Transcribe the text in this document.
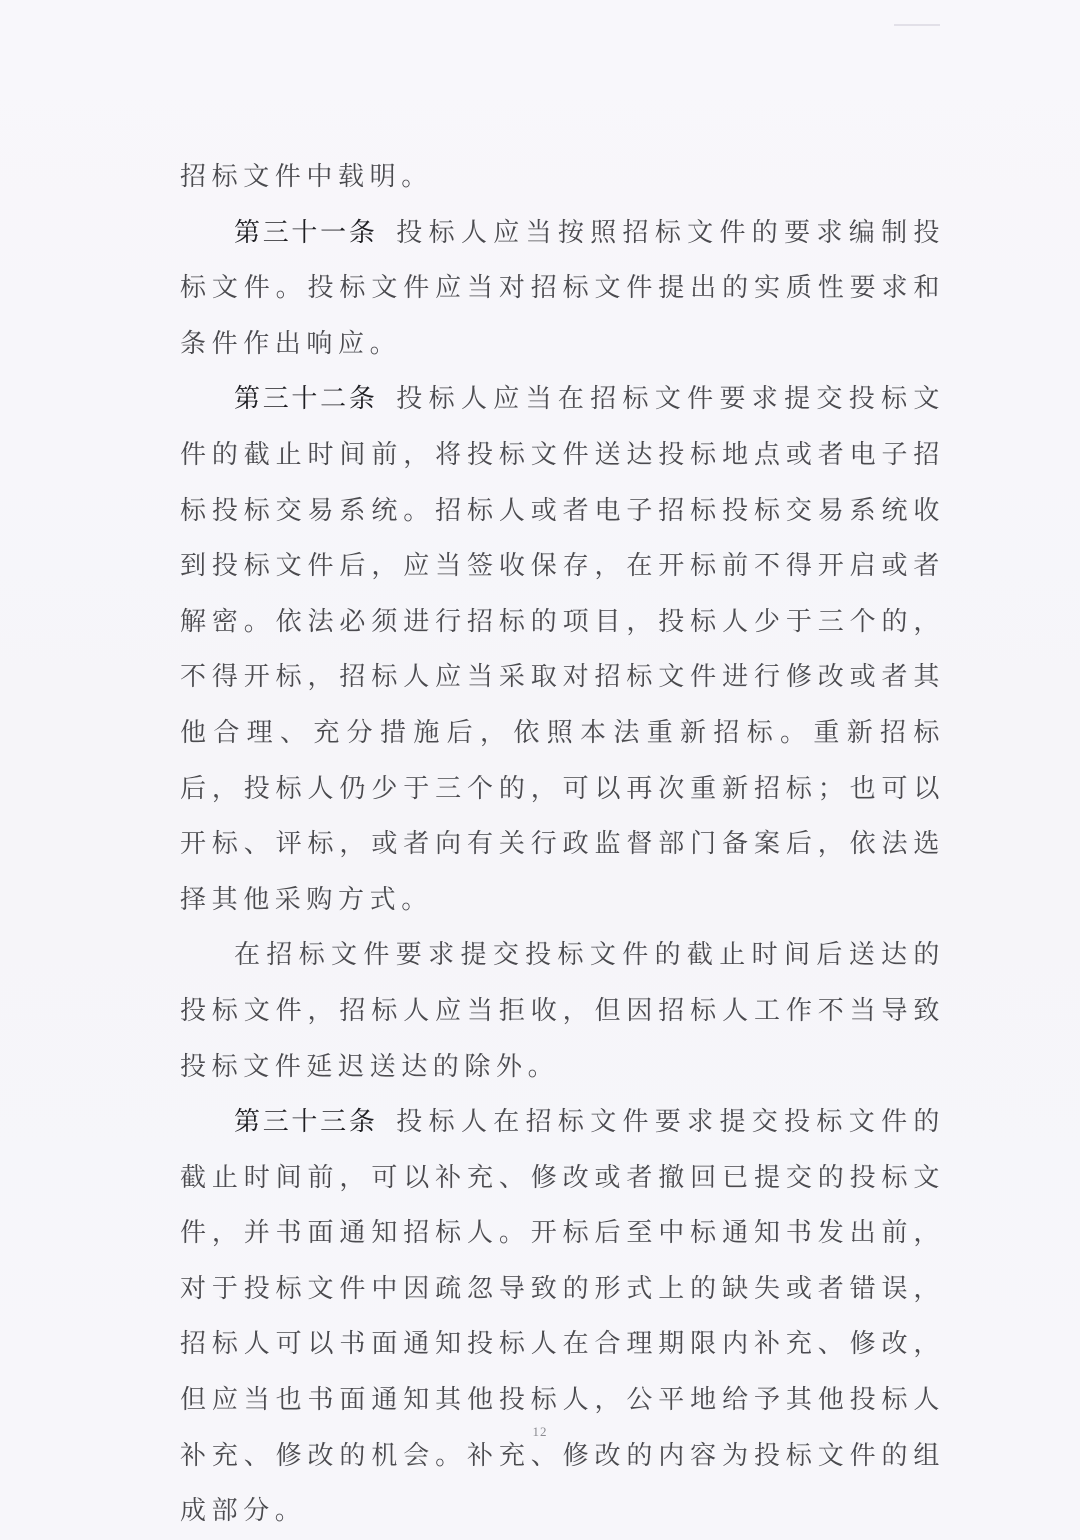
招标文件中载明。

第三十一条 投标人应当按照招标文件的要求编制投标文件。投标文件应当对招标文件提出的实质性要求和条件作出响应。

第三十二条 投标人应当在招标文件要求提交投标文件的截止时间前，将投标文件送达投标地点或者电子招标投标交易系统。招标人或者电子招标投标交易系统收到投标文件后，应当签收保存，在开标前不得开启或者解密。依法必须进行招标的项目，投标人少于三个的，不得开标，招标人应当采取对招标文件进行修改或者其他合理、充分措施后，依照本法重新招标。重新招标后，投标人仍少于三个的，可以再次重新招标；也可以开标、评标，或者向有关行政监督部门备案后，依法选择其他采购方式。

在招标文件要求提交投标文件的截止时间后送达的投标文件，招标人应当拒收，但因招标人工作不当导致投标文件延迟送达的除外。

第三十三条 投标人在招标文件要求提交投标文件的截止时间前，可以补充、修改或者撤回已提交的投标文件，并书面通知招标人。开标后至中标通知书发出前，对于投标文件中因疏忽导致的形式上的缺失或者错误，招标人可以书面通知投标人在合理期限内补充、修改，但应当也书面通知其他投标人，公平地给予其他投标人补充、修改的机会。补充、修改的内容为投标文件的组成部分。

12
